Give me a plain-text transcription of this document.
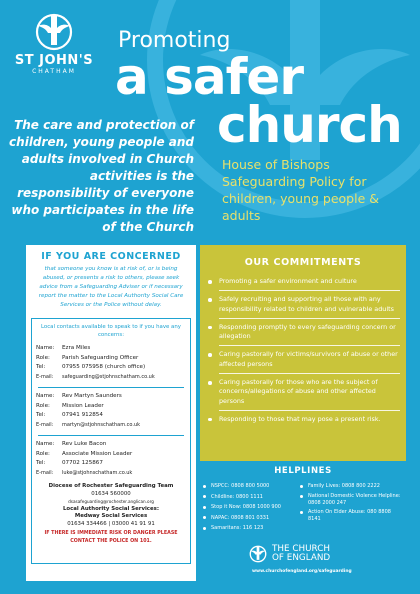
ST JOHN'S
CHATHAM
Promoting
a safer
church
The care and protection of children, young people and adults involved in Church activities is the responsibility of everyone who participates in the life of the Church
House of Bishops Safeguarding Policy for children, young people & adults
IF YOU ARE CONCERNED
that someone you know is at risk of, or is being abused, or presents a risk to others, please seek advice from a Safeguarding Adviser or if necessary report the matter to the Local Authority Social Care Services or the Police without delay.
Local contacts available to speak to if you have any concerns:
Name:	Ezra Miles
Role:	Parish Safeguarding Officer
Tel:	07955 075958 (church office)
E-mail:	safeguarding@stjohnschatham.co.uk
Name:	Rev Martyn Saunders
Role:	Mission Leader
Tel:	07941 912854
E-mail:	martyn@stjohnschatham.co.uk
Name:	Rev Luke Bacon
Role:	Associate Mission Leader
Tel:	07702 125867
E-mail:	luke@stjohnschatham.co.uk
Diocese of Rochester Safeguarding Team
01634 560000
dsasafeguarding@rochester.anglican.org
Local Authority Social Services:
Medway Social Services
01634 334466 | 03000 41 91 91
IF THERE IS IMMEDIATE RISK OR DANGER PLEASE CONTACT THE POLICE ON 101.
OUR COMMITMENTS
Promoting a safer environment and culture
Safely recruiting and supporting all those with any responsibility related to children and vulnerable adults
Responding promptly to every safeguarding concern or allegation
Caring pastorally for victims/survivors of abuse or other affected persons
Caring pastorally for those who are the subject of concerns/allegations of abuse and other affected persons
Responding to those that may pose a present risk.
HELPLINES
NSPCC: 0808 800 5000
Childline: 0800 1111
Stop it Now: 0808 1000 900
NAPAC: 0808 801 0331
Samaritans: 116 123
Family Lives: 0808 800 2222
National Domestic Violence Helpline: 0808 2000 247
Action On Elder Abuse: 080 8808 8141
THE CHURCH
OF ENGLAND
www.churchofengland.org/safeguarding
